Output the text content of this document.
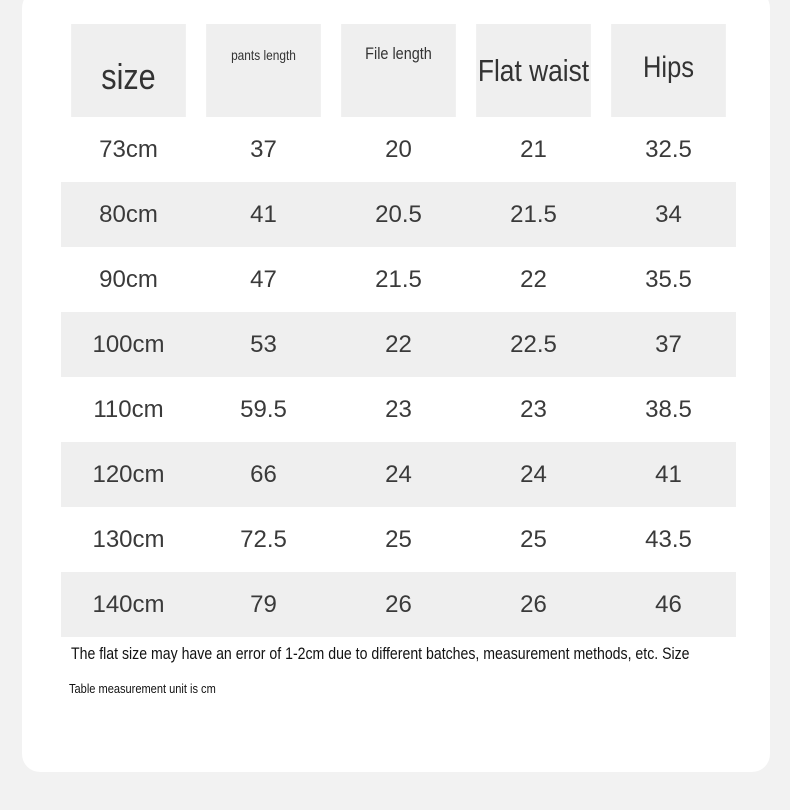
size	pants length	File length	Flat waist	Hips
73cm	37	20	21	32.5
80cm	41	20.5	21.5	34
90cm	47	21.5	22	35.5
100cm	53	22	22.5	37
110cm	59.5	23	23	38.5
120cm	66	24	24	41
130cm	72.5	25	25	43.5
140cm	79	26	26	46
The flat size may have an error of 1-2cm due to different batches, measurement methods, etc. Size
Table measurement unit is cm
